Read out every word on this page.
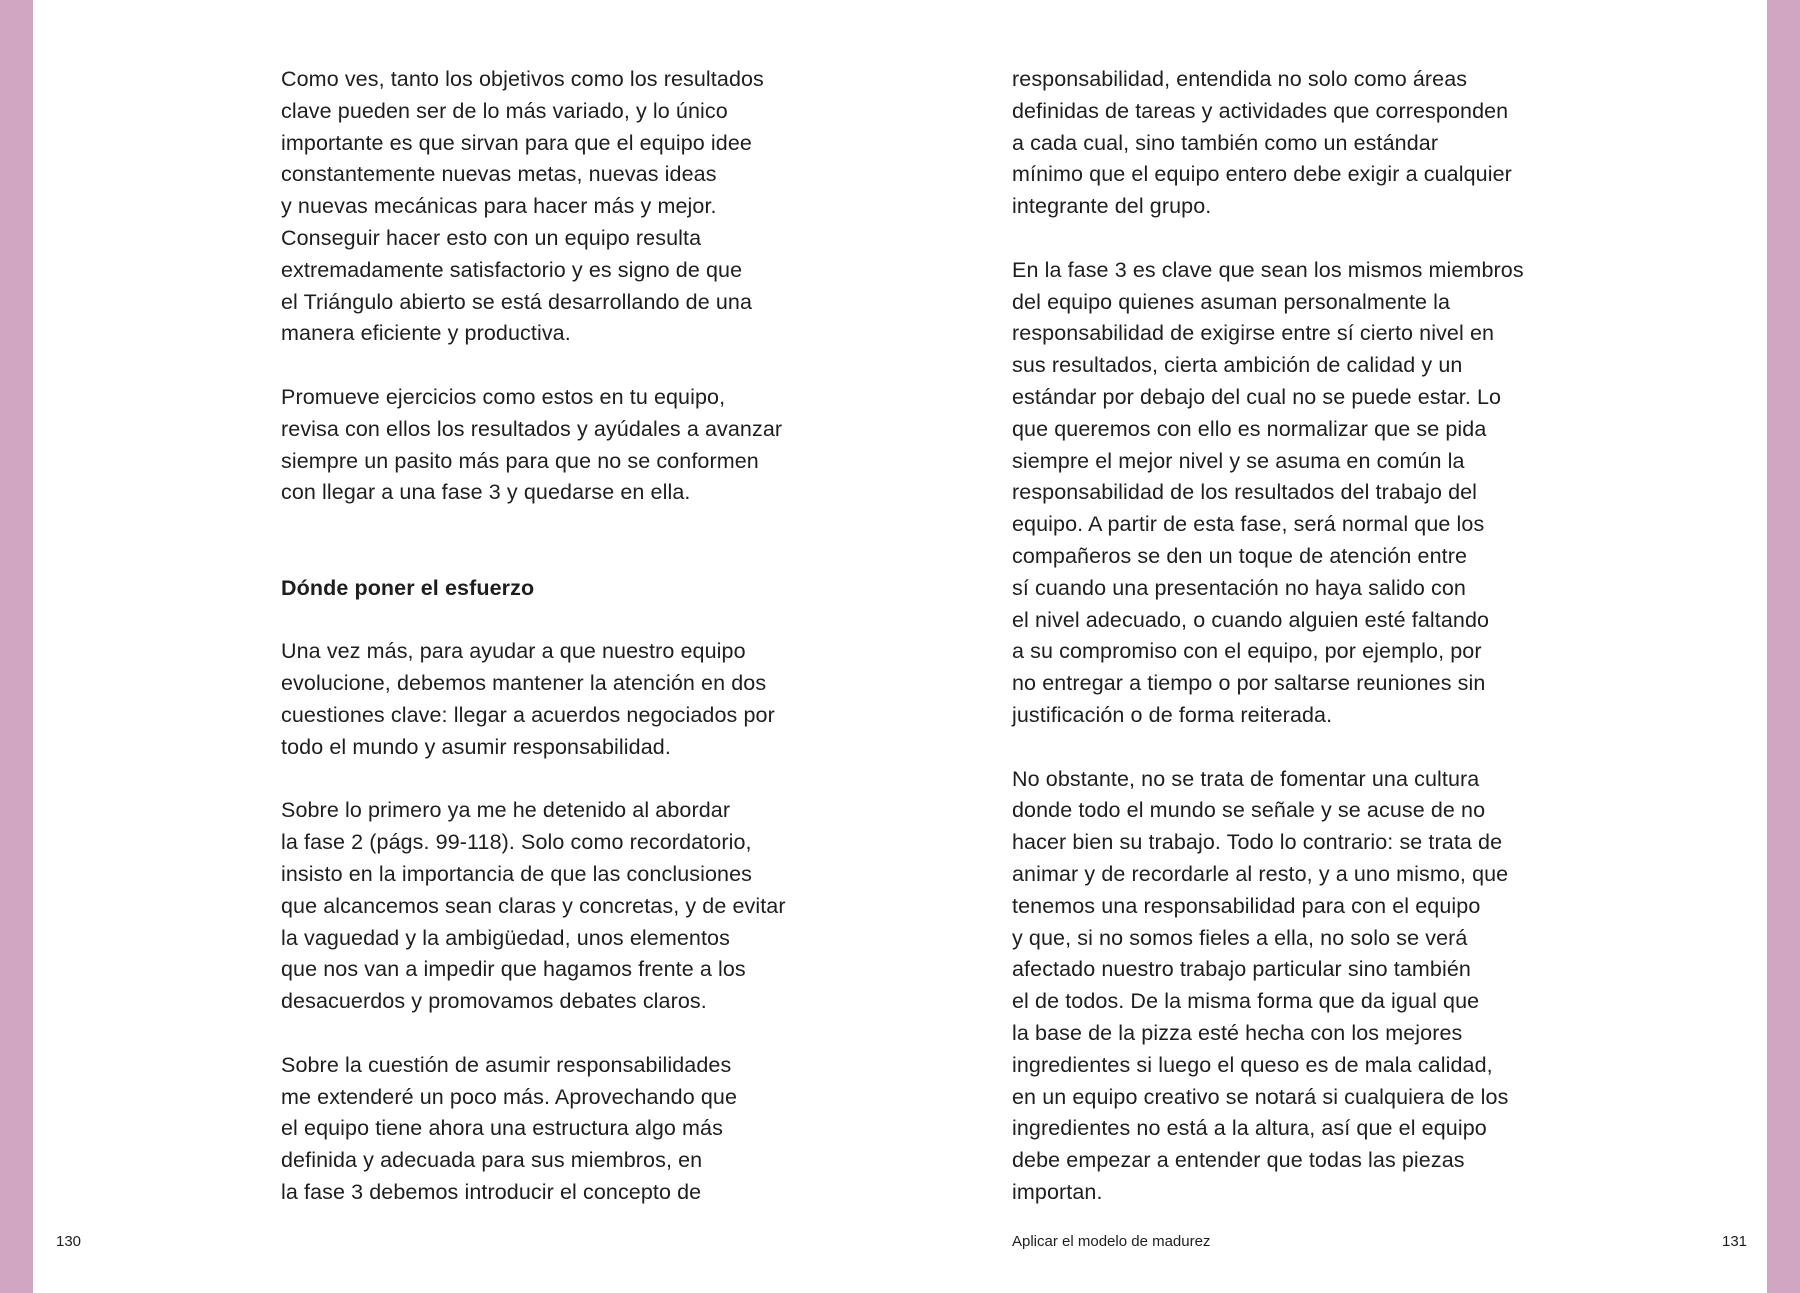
Como ves, tanto los objetivos como los resultados
clave pueden ser de lo más variado, y lo único
importante es que sirvan para que el equipo idee
constantemente nuevas metas, nuevas ideas
y nuevas mecánicas para hacer más y mejor.
Conseguir hacer esto con un equipo resulta
extremadamente satisfactorio y es signo de que
el Triángulo abierto se está desarrollando de una
manera eficiente y productiva.
Promueve ejercicios como estos en tu equipo,
revisa con ellos los resultados y ayúdales a avanzar
siempre un pasito más para que no se conformen
con llegar a una fase 3 y quedarse en ella.
Dónde poner el esfuerzo
Una vez más, para ayudar a que nuestro equipo
evolucione, debemos mantener la atención en dos
cuestiones clave: llegar a acuerdos negociados por
todo el mundo y asumir responsabilidad.
Sobre lo primero ya me he detenido al abordar
la fase 2 (págs. 99-118). Solo como recordatorio,
insisto en la importancia de que las conclusiones
que alcancemos sean claras y concretas, y de evitar
la vaguedad y la ambigüedad, unos elementos
que nos van a impedir que hagamos frente a los
desacuerdos y promovamos debates claros.
Sobre la cuestión de asumir responsabilidades
me extenderé un poco más. Aprovechando que
el equipo tiene ahora una estructura algo más
definida y adecuada para sus miembros, en
la fase 3 debemos introducir el concepto de
responsabilidad, entendida no solo como áreas
definidas de tareas y actividades que corresponden
a cada cual, sino también como un estándar
mínimo que el equipo entero debe exigir a cualquier
integrante del grupo.
En la fase 3 es clave que sean los mismos miembros
del equipo quienes asuman personalmente la
responsabilidad de exigirse entre sí cierto nivel en
sus resultados, cierta ambición de calidad y un
estándar por debajo del cual no se puede estar. Lo
que queremos con ello es normalizar que se pida
siempre el mejor nivel y se asuma en común la
responsabilidad de los resultados del trabajo del
equipo. A partir de esta fase, será normal que los
compañeros se den un toque de atención entre
sí cuando una presentación no haya salido con
el nivel adecuado, o cuando alguien esté faltando
a su compromiso con el equipo, por ejemplo, por
no entregar a tiempo o por saltarse reuniones sin
justificación o de forma reiterada.
No obstante, no se trata de fomentar una cultura
donde todo el mundo se señale y se acuse de no
hacer bien su trabajo. Todo lo contrario: se trata de
animar y de recordarle al resto, y a uno mismo, que
tenemos una responsabilidad para con el equipo
y que, si no somos fieles a ella, no solo se verá
afectado nuestro trabajo particular sino también
el de todos. De la misma forma que da igual que
la base de la pizza esté hecha con los mejores
ingredientes si luego el queso es de mala calidad,
en un equipo creativo se notará si cualquiera de los
ingredientes no está a la altura, así que el equipo
debe empezar a entender que todas las piezas
importan.
130	Aplicar el modelo de madurez	131
